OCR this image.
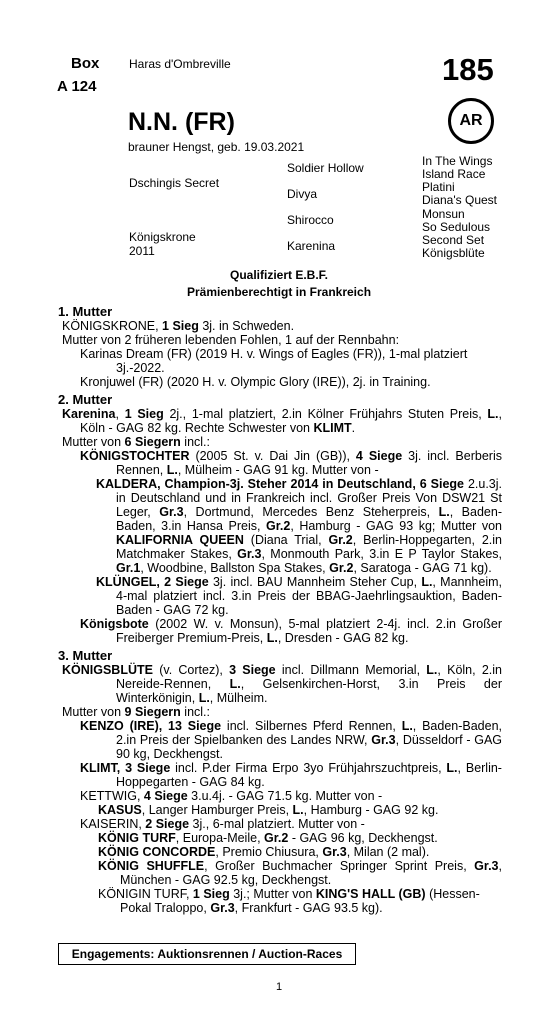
Box
A 124
Haras d'Ombreville	185
N.N. (FR)	AR
brauner Hengst, geb. 19.03.2021
Dschingis Secret
Königskrone
2011
Soldier Hollow
Divya
Shirocco
Karenina
In The Wings
Island Race
Platini
Diana's Quest
Monsun
So Sedulous
Second Set
Königsblüte
Qualifiziert E.B.F.
Prämienberechtigt in Frankreich
1. Mutter

KÖNIGSKRONE, 1 Sieg 3j. in Schweden.

Mutter von 2 früheren lebenden Fohlen, 1 auf der Rennbahn:

Karinas Dream (FR) (2019 H. v. Wings of Eagles (FR)), 1-mal platziert 3j.-2022.

Kronjuwel (FR) (2020 H. v. Olympic Glory (IRE)), 2j. in Training.

2. Mutter

Karenina, 1 Sieg 2j., 1-mal platziert, 2.in Kölner Frühjahrs Stuten Preis, L., Köln - GAG 82 kg. Rechte Schwester von KLIMT.

Mutter von 6 Siegern incl.:

KÖNIGSTOCHTER (2005 St. v. Dai Jin (GB)), 4 Siege 3j. incl. Berberis Rennen, L., Mülheim - GAG 91 kg. Mutter von -

KALDERA, Champion-3j. Steher 2014 in Deutschland, 6 Siege 2.u.3j. in Deutschland und in Frankreich incl. Großer Preis Von DSW21 St Leger, Gr.3, Dortmund, Mercedes Benz Steherpreis, L., Baden-Baden, 3.in Hansa Preis, Gr.2, Hamburg - GAG 93 kg; Mutter von KALIFORNIA QUEEN (Diana Trial, Gr.2, Berlin-Hoppegarten, 2.in Matchmaker Stakes, Gr.3, Monmouth Park, 3.in E P Taylor Stakes, Gr.1, Woodbine, Ballston Spa Stakes, Gr.2, Saratoga - GAG 71 kg).

KLÜNGEL, 2 Siege 3j. incl. BAU Mannheim Steher Cup, L., Mannheim, 4-mal platziert incl. 3.in Preis der BBAG-Jaehrlingsauktion, Baden-Baden - GAG 72 kg.

Königsbote (2002 W. v. Monsun), 5-mal platziert 2-4j. incl. 2.in Großer Freiberger Premium-Preis, L., Dresden - GAG 82 kg.

3. Mutter

KÖNIGSBLÜTE (v. Cortez), 3 Siege incl. Dillmann Memorial, L., Köln, 2.in Nereide-Rennen, L., Gelsenkirchen-Horst, 3.in Preis der Winterkönigin, L., Mülheim.

Mutter von 9 Siegern incl.:

KENZO (IRE), 13 Siege incl. Silbernes Pferd Rennen, L., Baden-Baden, 2.in Preis der Spielbanken des Landes NRW, Gr.3, Düsseldorf - GAG 90 kg, Deckhengst.

KLIMT, 3 Siege incl. P.der Firma Erpo 3yo Frühjahrszuchtpreis, L., Berlin-Hoppegarten - GAG 84 kg.

KETTWIG, 4 Siege 3.u.4j. - GAG 71.5 kg. Mutter von -

KASUS, Langer Hamburger Preis, L., Hamburg - GAG 92 kg.

KAISERIN, 2 Siege 3j., 6-mal platziert. Mutter von -

KÖNIG TURF, Europa-Meile, Gr.2 - GAG 96 kg, Deckhengst.

KÖNIG CONCORDE, Premio Chiusura, Gr.3, Milan (2 mal).

KÖNIG SHUFFLE, Großer Buchmacher Springer Sprint Preis, Gr.3, München - GAG 92.5 kg, Deckhengst.

KÖNIGIN TURF, 1 Sieg 3j.; Mutter von KING'S HALL (GB) (Hessen-Pokal Traloppo, Gr.3, Frankfurt - GAG 93.5 kg).

Engagements: Auktionsrennen / Auction-Races
1
